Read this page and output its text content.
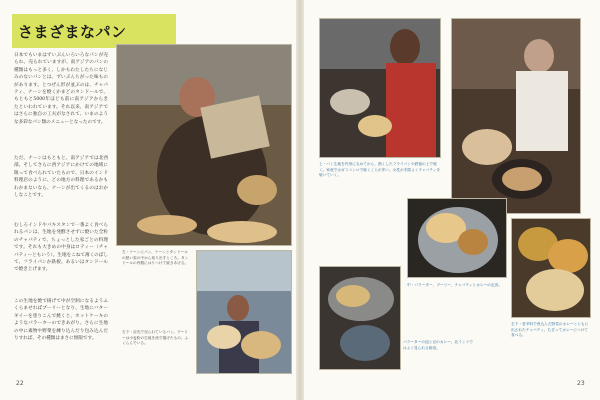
さまざまなパン
日本でもいまはずいぶんいろいろなパンが売られ、売られていますが、南アジアのパンの種類はもっと多く、しかもわたしたちになじみのないパンとは、ずいぶんちがった味ものがあります。とつぜん形が並ぶのは、チャパティ、ナーンを焼くかまどのタンドールで、もともと5000年ほども前に南アジアからきたといわれています。それ以来、南アジアではさらに独自の工夫がなされて、いまのような多彩なパン類のメニューとなったのです。
ただ、ナーンはもともと、南アジアでは北西部、そしてさらに西アジアにかけての地域に限って食べられていたもので、日本のインド料理店のように、どの地方の料理であるかもわかまないなら、ナーンが出てくるのはおかしなことです。
むしろインドやパキスタンで一番よく食べられるパンは、生地を発酵させずに焼いた全粒のチャパティで、ちょっとした家ごとの料理です。それも大きめの中身はロティー（チャパティーともいう）。生地をこねて薄くのばして、フライパンか鉄板、あるいはタンドールで焼き上げます。
この生地を焼で揚げて中が空洞になるようふくらませればプーリーとなり、生地にバターギイーを塗りこんで焼くと、ホットケーキのようなパラーターのできあがり。さらに生地の中に素物や野菜を練り込んだり包み込んだりすれば、その種類はまさに無限です。
左・ナーンにパン、ナーンとタンドールの熱い窯の中から取り出すところ。タンドールの内側にはりつけて焼きあげる。
左下・店先で売られているパン。プーリーは小麦粉の生地を油で揚げたもの。ふくらんでいる。
22
上・パン生地を円形に丸めてから、熱くしたフライパンや鉄板の上で焼く。家庭ではガスコンロで焼くことが多い。女性が手際よくチャパティを焼いていく。
中・パラーター、プーリー、チャパティとカレーの定食。
パラーターの皿と豆のカレー。北インドではよく見られる朝食。
右下・香辛料で煮込んだ野菜のカレーとともに出されたチャパティ。ちぎってカレーにつけて食べる。
23
